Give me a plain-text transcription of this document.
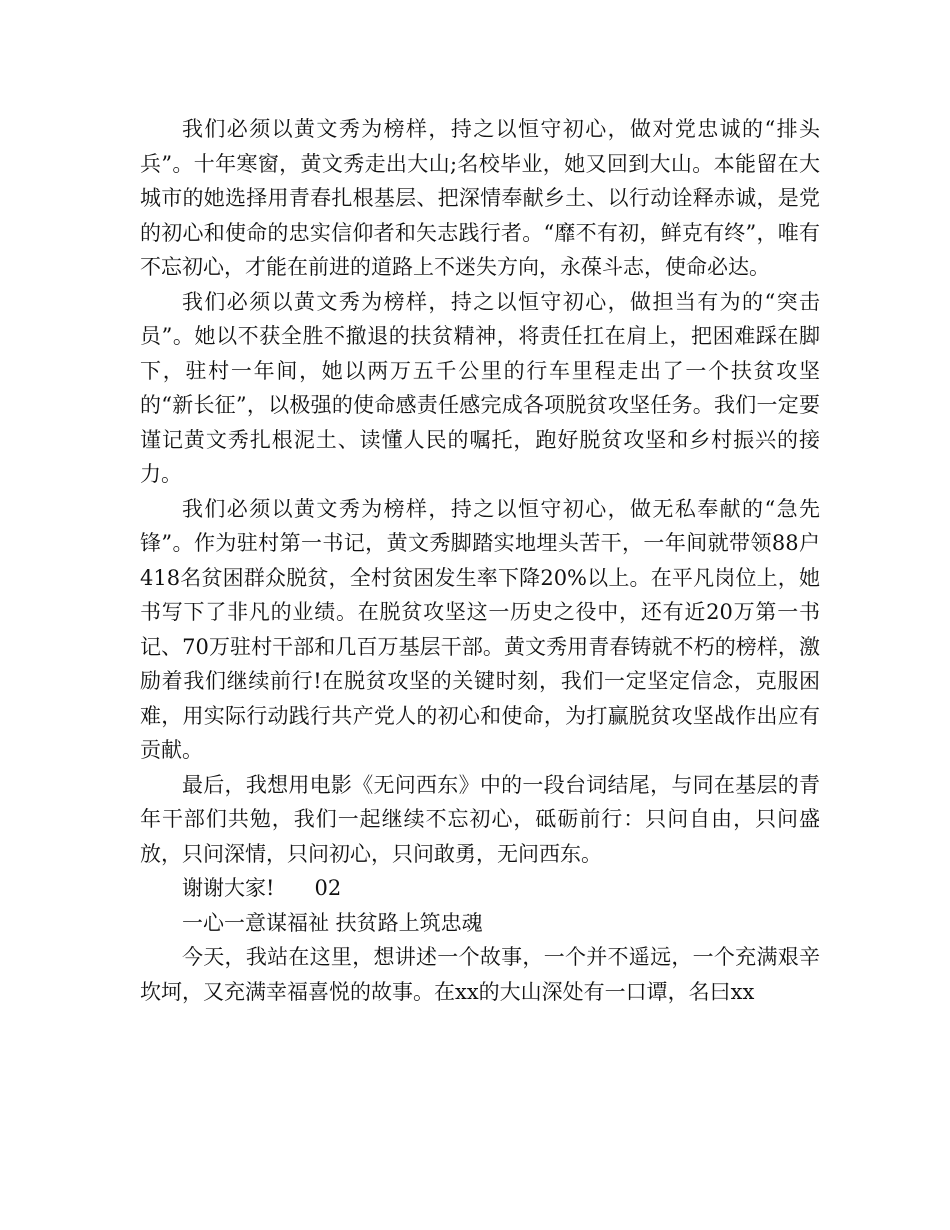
我们必须以黄文秀为榜样，持之以恒守初心，做对党忠诚的“排头兵”。十年寒窗，黄文秀走出大山;名校毕业，她又回到大山。本能留在大城市的她选择用青春扎根基层、把深情奉献乡土、以行动诠释赤诚，是党的初心和使命的忠实信仰者和矢志践行者。“靡不有初，鲜克有终”，唯有不忘初心，才能在前进的道路上不迷失方向，永葆斗志，使命必达。

我们必须以黄文秀为榜样，持之以恒守初心，做担当有为的“突击员”。她以不获全胜不撤退的扶贫精神，将责任扛在肩上，把困难踩在脚下，驻村一年间，她以两万五千公里的行车里程走出了一个扶贫攻坚的“新长征”，以极强的使命感责任感完成各项脱贫攻坚任务。我们一定要谨记黄文秀扎根泥土、读懂人民的嘱托，跑好脱贫攻坚和乡村振兴的接力。

我们必须以黄文秀为榜样，持之以恒守初心，做无私奉献的“急先锋”。作为驻村第一书记，黄文秀脚踏实地埋头苦干，一年间就带领88户418名贫困群众脱贫，全村贫困发生率下降20%以上。在平凡岗位上，她书写下了非凡的业绩。在脱贫攻坚这一历史之役中，还有近20万第一书记、70万驻村干部和几百万基层干部。黄文秀用青春铸就不朽的榜样，激励着我们继续前行!在脱贫攻坚的关键时刻，我们一定坚定信念，克服困难，用实际行动践行共产党人的初心和使命，为打赢脱贫攻坚战作出应有贡献。

最后，我想用电影《无问西东》中的一段台词结尾，与同在基层的青年干部们共勉，我们一起继续不忘初心，砥砺前行：只问自由，只问盛放，只问深情，只问初心，只问敢勇，无问西东。

谢谢大家! 02

一心一意谋福祉 扶贫路上筑忠魂

今天，我站在这里，想讲述一个故事，一个并不遥远，一个充满艰辛坎坷，又充满幸福喜悦的故事。在xx的大山深处有一口谭，名曰xx
